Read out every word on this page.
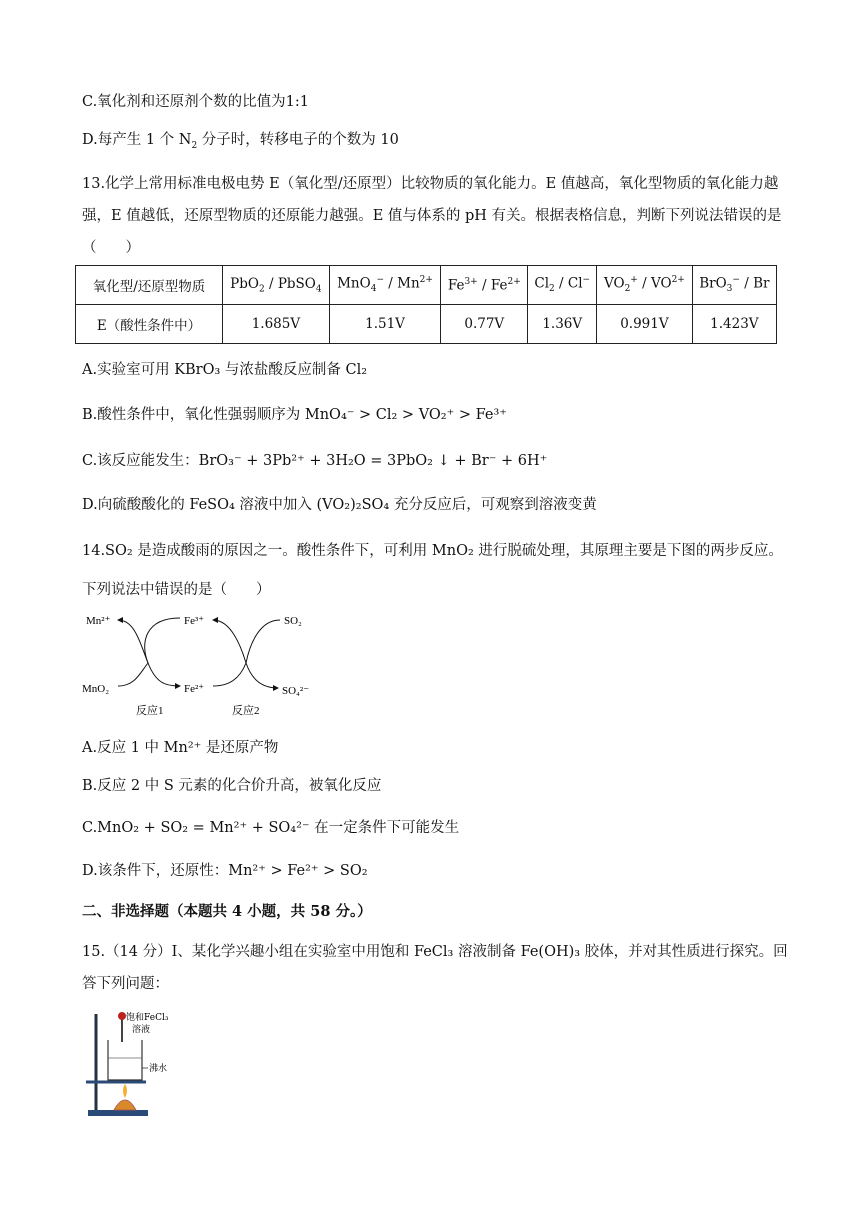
C.氧化剂和还原剂个数的比值为1:1
D.每产生 1 个 $N_2$ 分子时，转移电子的个数为 10
13.化学上常用标准电极电势 E（氧化型/还原型）比较物质的氧化能力。E 值越高，氧化型物质的氧化能力越强，E 值越低，还原型物质的还原能力越强。E 值与体系的 pH 有关。根据表格信息，判断下列说法错误的是（　　）
氧化型/还原型物质	PbO$_2$ / PbSO$_4$	$MnO_4^- / Mn^{2+}$	$Fe^{3+} / Fe^{2+}$	$Cl_2 / Cl^-$	$VO_2^+ / VO^{2+}$	BrO$_3$− / Br
E（酸性条件中）	1.685V	1.51V	0.77V	1.36V	0.991V	1.423V
A.实验室可用 KBrO₃ 与浓盐酸反应制备 Cl₂
B.酸性条件中，氧化性强弱顺序为 MnO₄⁻ > Cl₂ > VO₂⁺ > Fe³⁺
C.该反应能发生：BrO₃⁻ + 3Pb²⁺ + 3H₂O = 3PbO₂ ↓ + Br⁻ + 6H⁺
D.向硫酸酸化的 FeSO₄ 溶液中加入 (VO₂)₂SO₄ 充分反应后，可观察到溶液变黄
14.SO₂ 是造成酸雨的原因之一。酸性条件下，可利用 MnO₂ 进行脱硫处理，其原理主要是下图的两步反应。
下列说法中错误的是（　　）
Mn²⁺	Fe³⁺	SO₂
MnO₂	Fe²⁺	SO₄²⁻
反应1	反应2
A.反应 1 中 Mn²⁺ 是还原产物
B.反应 2 中 S 元素的化合价升高，被氧化反应
C.MnO₂ + SO₂ = Mn²⁺ + SO₄²⁻ 在一定条件下可能发生
D.该条件下，还原性：Mn²⁺ > Fe²⁺ > SO₂
二、非选择题（本题共 4 小题，共 58 分。）
15.（14 分）I、某化学兴趣小组在实验室中用饱和 FeCl₃ 溶液制备 Fe(OH)₃ 胶体，并对其性质进行探究。回答下列问题：
饱和FeCl₃
溶液
沸水
